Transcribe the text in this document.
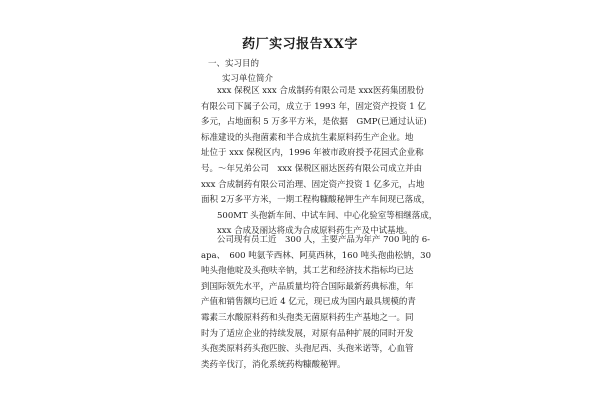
药厂实习报告XX字

一、实习目的

实习单位简介

xxx 保税区 xxx 合成制药有限公司是 xxx医药集团股份
有限公司下属子公司，成立于 1993 年，固定资产投资 1 亿
多元，占地面积 5 万多平方米，是依据　GMP(已通过认证)
标准建设的头孢菌素和半合成抗生素原料药生产企业。地
址位于 xxx 保税区内，1996 年被市政府授予花园式企业称
号。～年兄弟公司　xxx 保税区丽达医药有限公司成立并由
xxx 合成制药有限公司治理、固定资产投资 1 亿多元，占地
面积 2万多平方米，一期工程构糠酸秘钾生产车间现已落成，
500MT 头孢新车间、中试车间、中心化验室等相继落成，
xxx 合成及丽达将成为合成原料药生产及中试基地。
公司现有员工近　300 人，主要产品为年产 700 吨的 6-
apa、　600 吨氨苄西林、阿莫西林，160 吨头孢曲松钠，30
吨头孢他啶及头孢呋辛钠，其工艺和经济技术指标均已达
到国际领先水平，产品质量均符合国际最新药典标准，年
产值和销售额均已近 4 亿元，现已成为国内最具规模的青
霉素三水酸原料药和头孢类无菌原料药生产基地之一。同
时为了适应企业的持续发展，对原有品种扩展的同时开发
头孢类原料药头孢匹胺、头孢尼西、头孢米诺等，心血管
类药辛伐汀，消化系统药构糠酸秘钾。
